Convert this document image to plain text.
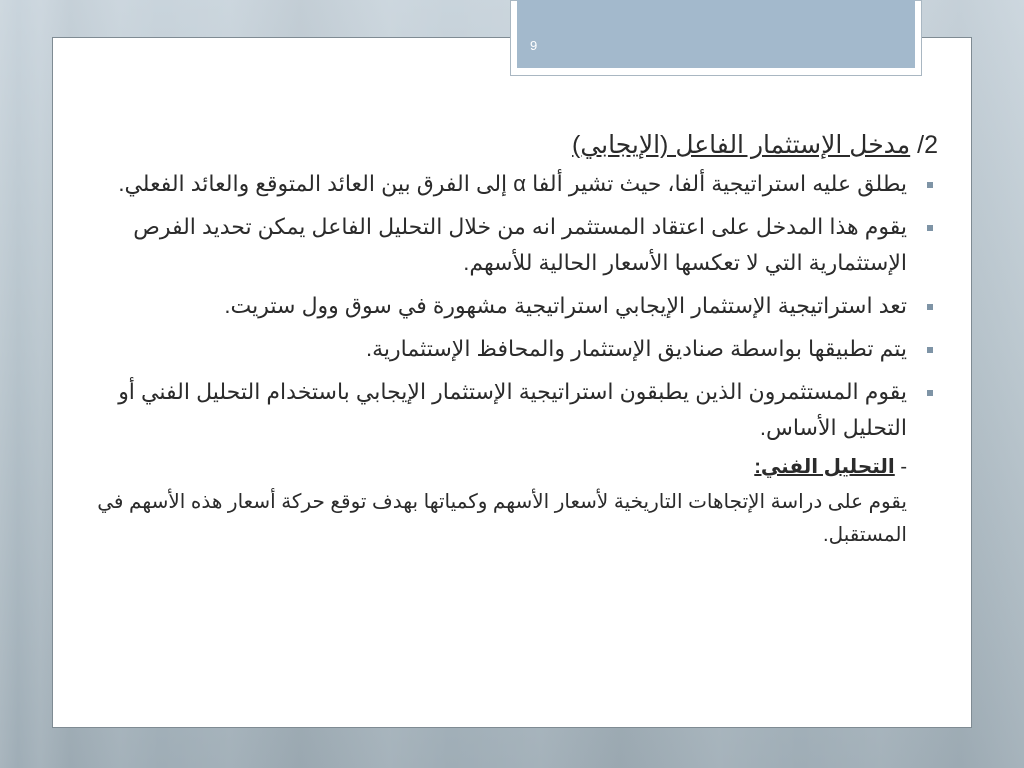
9
/2 مدخل الإستثمار الفاعل (الإيجابي)
يطلق عليه استراتيجية ألفا، حيث تشير ألفا α إلى الفرق بين العائد المتوقع والعائد الفعلي.
يقوم هذا المدخل على اعتقاد المستثمر انه من خلال التحليل الفاعل يمكن تحديد الفرص الإستثمارية التي لا تعكسها الأسعار الحالية للأسهم.
تعد استراتيجية الإستثمار الإيجابي استراتيجية مشهورة في سوق وول ستريت.
يتم تطبيقها بواسطة صناديق الإستثمار والمحافظ الإستثمارية.
يقوم المستثمرون الذين يطبقون استراتيجية الإستثمار الإيجابي باستخدام التحليل الفني أو التحليل الأساس.
- التحليل الفني:
يقوم على دراسة الإتجاهات التاريخية لأسعار الأسهم وكمياتها بهدف توقع حركة أسعار هذه الأسهم في المستقبل.
